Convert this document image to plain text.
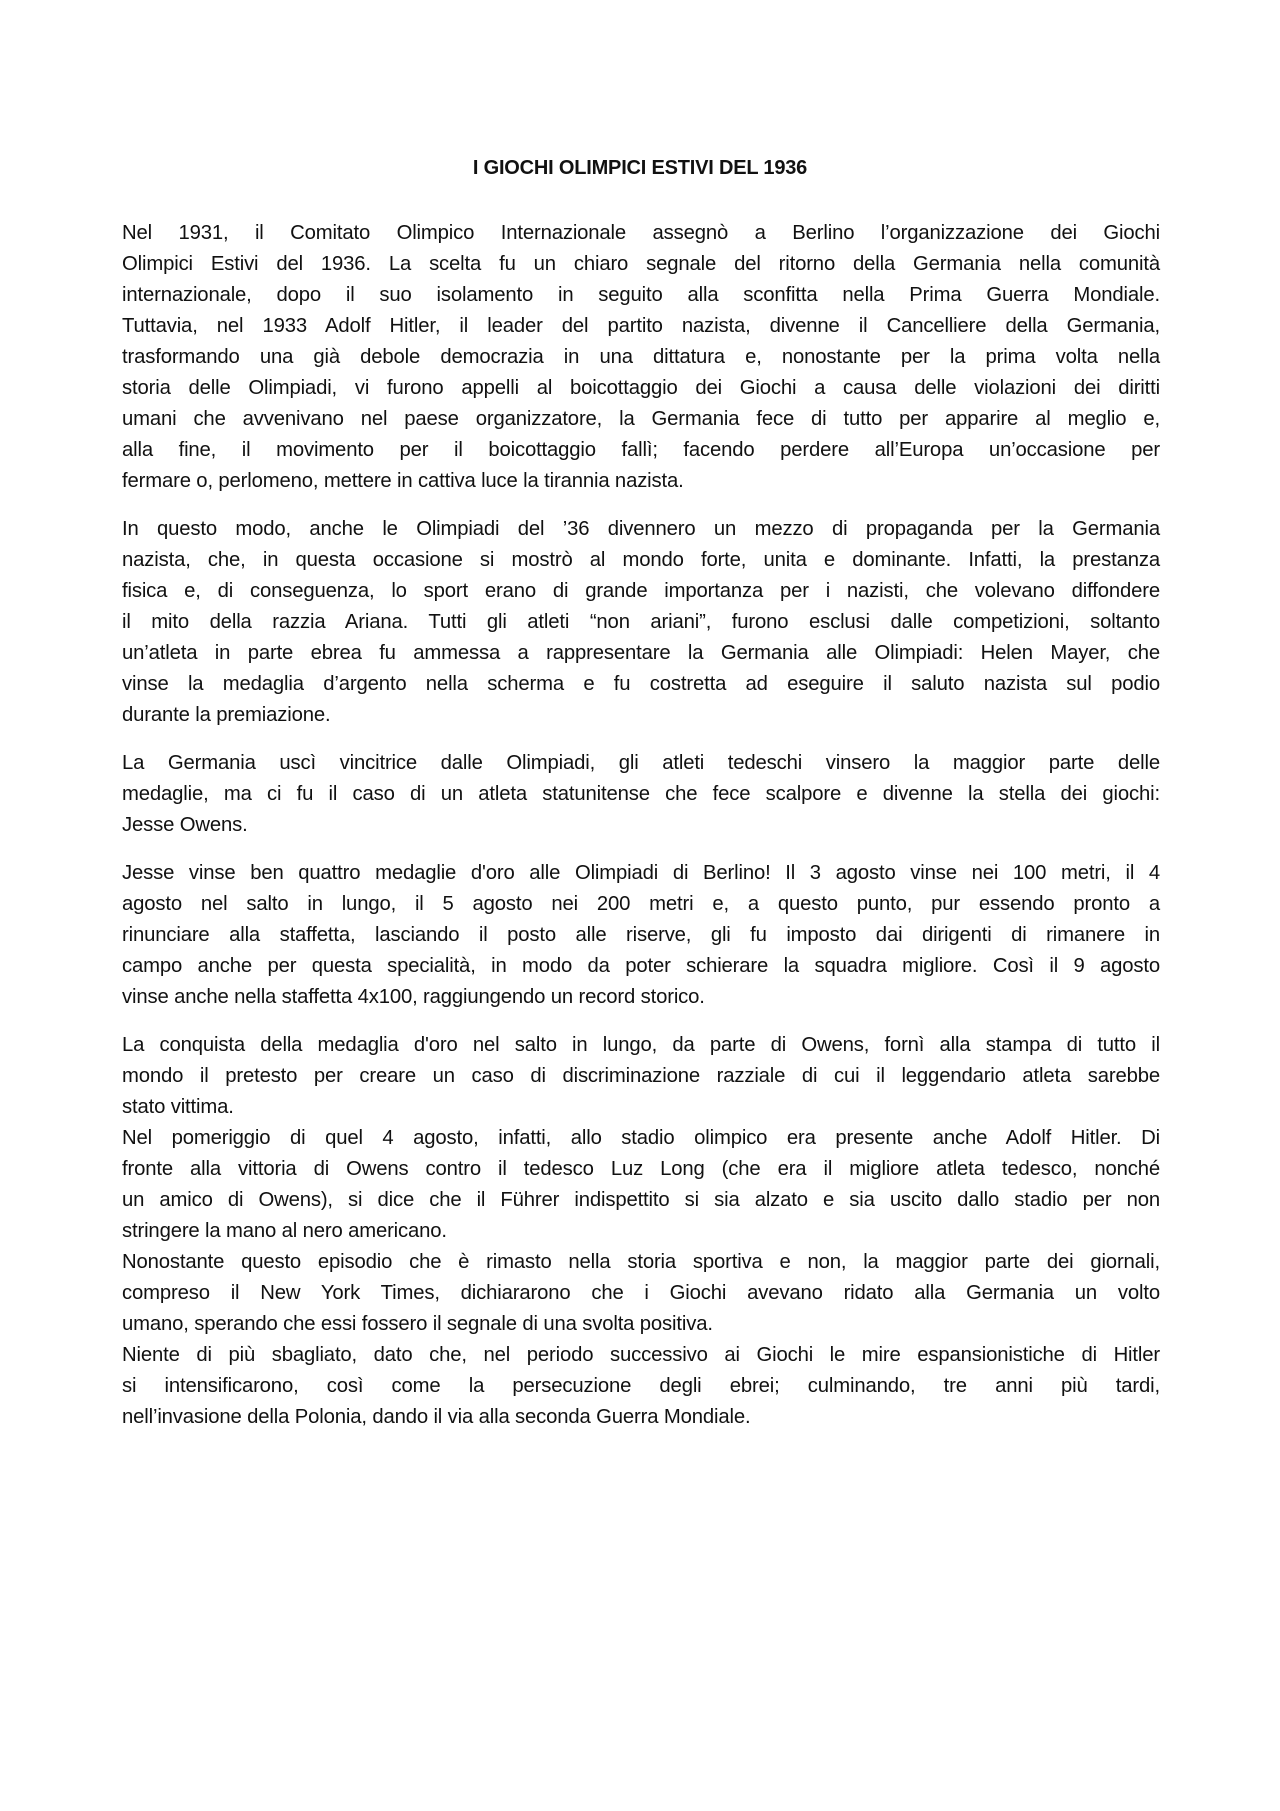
I GIOCHI OLIMPICI ESTIVI DEL 1936
Nel 1931, il Comitato Olimpico Internazionale assegnò a Berlino l’organizzazione dei Giochi
Olimpici Estivi del 1936. La scelta fu un chiaro segnale del ritorno della Germania nella comunità
internazionale, dopo il suo isolamento in seguito alla sconfitta nella Prima Guerra Mondiale.
Tuttavia, nel 1933 Adolf Hitler, il leader del partito nazista, divenne il Cancelliere della Germania,
trasformando una già debole democrazia in una dittatura e, nonostante per la prima volta nella
storia delle Olimpiadi, vi furono appelli al boicottaggio dei Giochi a causa delle violazioni dei diritti
umani che avvenivano nel paese organizzatore, la Germania fece di tutto per apparire al meglio e,
alla fine, il movimento per il boicottaggio fallì; facendo perdere all’Europa un’occasione per
fermare o, perlomeno, mettere in cattiva luce la tirannia nazista.
In questo modo, anche le Olimpiadi del ’36 divennero un mezzo di propaganda per la Germania
nazista, che, in questa occasione si mostrò al mondo forte, unita e dominante. Infatti, la prestanza
fisica e, di conseguenza, lo sport erano di grande importanza per i nazisti, che volevano diffondere
il mito della razzia Ariana. Tutti gli atleti “non ariani”, furono esclusi dalle competizioni, soltanto
un’atleta in parte ebrea fu ammessa a rappresentare la Germania alle Olimpiadi: Helen Mayer, che
vinse la medaglia d’argento nella scherma e fu costretta ad eseguire il saluto nazista sul podio
durante la premiazione.
La Germania uscì vincitrice dalle Olimpiadi, gli atleti tedeschi vinsero la maggior parte delle
medaglie, ma ci fu il caso di un atleta statunitense che fece scalpore e divenne la stella dei giochi:
Jesse Owens.
Jesse vinse ben quattro medaglie d'oro alle Olimpiadi di Berlino! Il 3 agosto vinse nei 100 metri, il 4
agosto nel salto in lungo, il 5 agosto nei 200 metri e, a questo punto, pur essendo pronto a
rinunciare alla staffetta, lasciando il posto alle riserve, gli fu imposto dai dirigenti di rimanere in
campo anche per questa specialità, in modo da poter schierare la squadra migliore. Così il 9 agosto
vinse anche nella staffetta 4x100, raggiungendo un record storico.
La conquista della medaglia d'oro nel salto in lungo, da parte di Owens, fornì alla stampa di tutto il
mondo il pretesto per creare un caso di discriminazione razziale di cui il leggendario atleta sarebbe
stato vittima.
Nel pomeriggio di quel 4 agosto, infatti, allo stadio olimpico era presente anche Adolf Hitler. Di
fronte alla vittoria di Owens contro il tedesco Luz Long (che era il migliore atleta tedesco, nonché
un amico di Owens), si dice che il Führer indispettito si sia alzato e sia uscito dallo stadio per non
stringere la mano al nero americano.
Nonostante questo episodio che è rimasto nella storia sportiva e non, la maggior parte dei giornali,
compreso il New York Times, dichiararono che i Giochi avevano ridato alla Germania un volto
umano, sperando che essi fossero il segnale di una svolta positiva.
Niente di più sbagliato, dato che, nel periodo successivo ai Giochi le mire espansionistiche di Hitler
si intensificarono, così come la persecuzione degli ebrei; culminando, tre anni più tardi,
nell’invasione della Polonia, dando il via alla seconda Guerra Mondiale.
